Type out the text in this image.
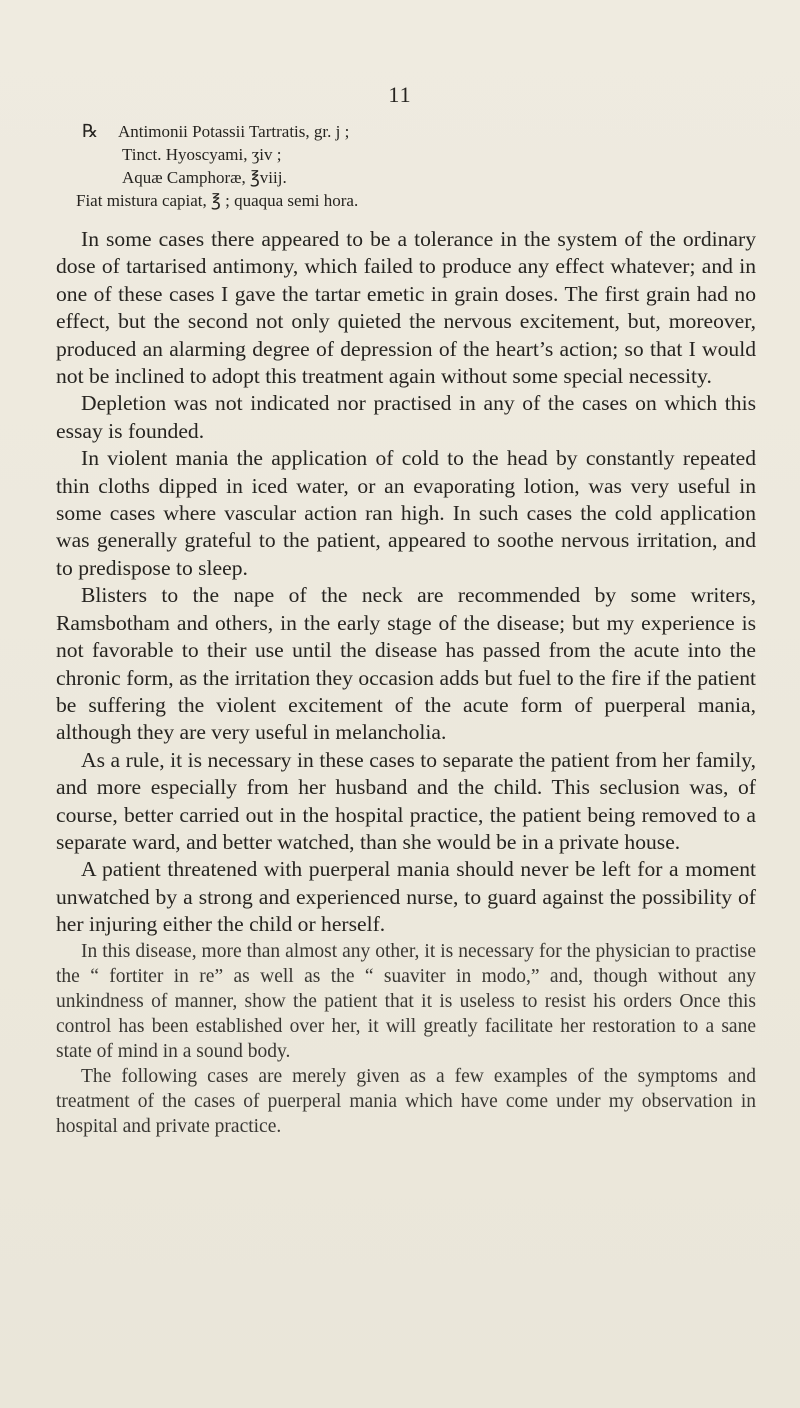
11
℞ Antimonii Potassii Tartratis, gr. j ;
Tinct. Hyoscyami, ʒiv ;
Aquæ Camphoræ, ℥viij.
Fiat mistura capiat, ℥ ; quaqua semi hora.

In some cases there appeared to be a tolerance in the system of the ordinary dose of tartarised antimony, which failed to produce any effect whatever; and in one of these cases I gave the tartar emetic in grain doses. The first grain had no effect, but the second not only quieted the nervous excitement, but, moreover, produced an alarming degree of depression of the heart’s action; so that I would not be inclined to adopt this treatment again without some special necessity.

Depletion was not indicated nor practised in any of the cases on which this essay is founded.

In violent mania the application of cold to the head by constantly repeated thin cloths dipped in iced water, or an evaporating lotion, was very useful in some cases where vascular action ran high. In such cases the cold application was generally grateful to the patient, appeared to soothe nervous irritation, and to predispose to sleep.

Blisters to the nape of the neck are recommended by some writers, Ramsbotham and others, in the early stage of the disease; but my experience is not favorable to their use until the disease has passed from the acute into the chronic form, as the irritation they occasion adds but fuel to the fire if the patient be suffering the violent excitement of the acute form of puerperal mania, although they are very useful in melancholia.

As a rule, it is necessary in these cases to separate the patient from her family, and more especially from her husband and the child. This seclusion was, of course, better carried out in the hospital practice, the patient being removed to a separate ward, and better watched, than she would be in a private house.

A patient threatened with puerperal mania should never be left for a moment unwatched by a strong and experienced nurse, to guard against the possibility of her injuring either the child or herself.

In this disease, more than almost any other, it is necessary for the physician to practise the “ fortiter in re” as well as the “ suaviter in modo,” and, though without any unkindness of manner, show the patient that it is useless to resist his orders Once this control has been established over her, it will greatly facilitate her restoration to a sane state of mind in a sound body.

The following cases are merely given as a few examples of the symptoms and treatment of the cases of puerperal mania which have come under my observation in hospital and private practice.
